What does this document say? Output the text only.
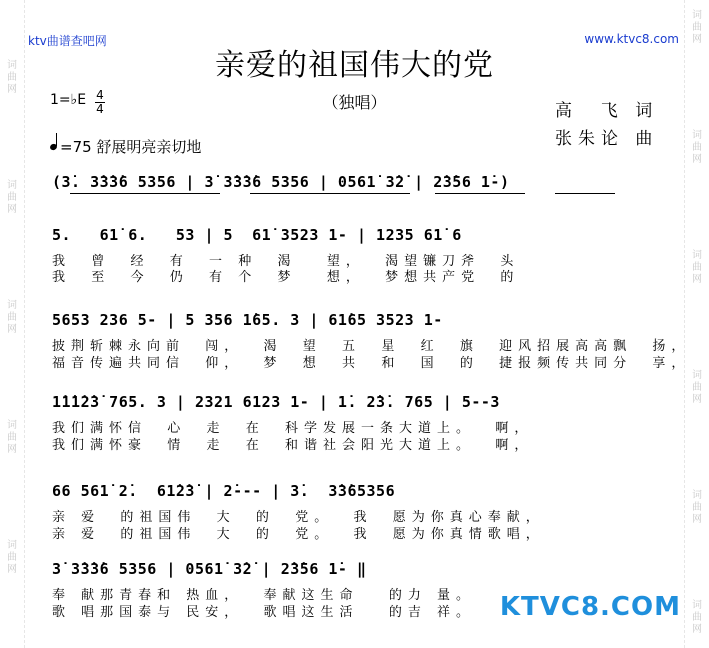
词曲网
词曲网
词曲网
词曲网
词曲网
词曲网
词曲网
词曲网
词曲网
词曲网
词曲网
ktv曲谱查吧网	www.ktvc8.com
亲爱的祖国伟大的党
（独唱）
1=♭E 4
4	高  飞 词
张朱论 曲
=75 舒展明亮亲切地
(3̇. 3̇3̇3̇6 5356 | 3̇ 3̇3̇3̇6 5356 | 0561̇ 3̇2̇ | 2̇3̇56 1̇-)
5.   61̇ 6.   53 | 5  61̇ 3523 1- | 1235 61̇ 6
我  曾  经  有  一 种  渴   望，  渴望镰刀斧  头
我  至  今  仍  有 个  梦   想，  梦想共产党  的
5653 236 5- | 5 356 1̇65. 3 | 61̇65 3523 1-
披荆斩棘永向前  闯，  渴  望  五  星  红  旗  迎风招展高高飘  扬，
福音传遍共同信  仰，  梦  想  共  和  国  的  捷报频传共同分  享，
1̇1̇1̇2̇3̇ 765. 3 | 2321 6123 1- | 1̇. 2̇3̇. 765 | 5--3
我们满怀信  心  走  在  科学发展一条大道上。  啊，
我们满怀豪  情  走  在  和谐社会阳光大道上。  啊，
66 561̇ 2̇.  61̇2̇3̇ | 2̇--- | 3̇.  3̇3̇65356
亲 爱  的祖国伟  大  的  党。  我  愿为你真心奉献，
亲 爱  的祖国伟  大  的  党。  我  愿为你真情歌唱，
3̇ 3̇3̇3̇6 5356 | 0561̇ 3̇2̇ | 2̇3̇56 1̇- ‖
奉 献那青春和 热血，  奉献这生命   的力 量。
歌 唱那国泰与 民安，  歌唱这生活   的吉 祥。 KTVC8.COM
